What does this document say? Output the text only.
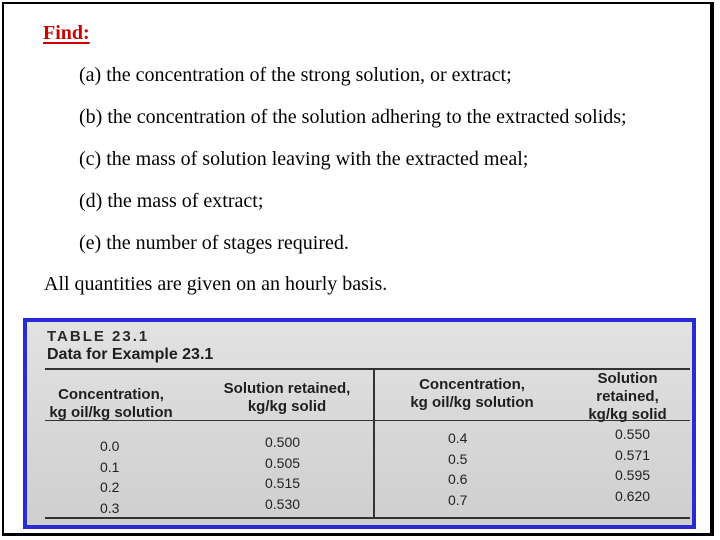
Find:
(a) the concentration of the strong solution, or extract;
(b) the concentration of the solution adhering to the extracted solids;
(c) the mass of solution leaving with the extracted meal;
(d) the mass of extract;
(e) the number of stages required.
All quantities are given on an hourly basis.
TABLE 23.1
Data for Example 23.1
Concentration,
kg oil/kg solution
Solution retained,
kg/kg solid
Concentration,
kg oil/kg solution
Solution retained,
kg/kg solid
0.0
0.1
0.2
0.3
0.500
0.505
0.515
0.530
0.4
0.5
0.6
0.7
0.550
0.571
0.595
0.620
